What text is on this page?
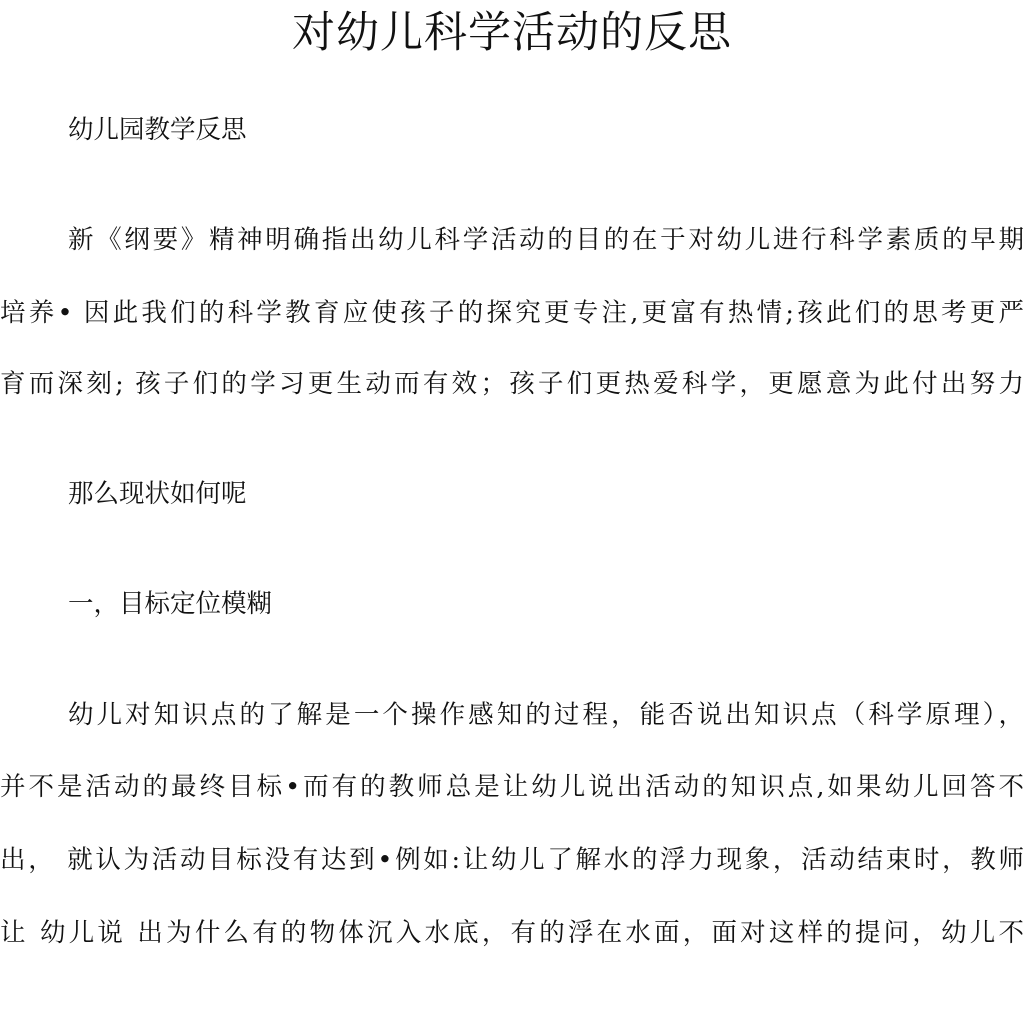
对幼儿科学活动的反思
幼儿园教学反思
新《纲要》精神明确指出幼儿科学活动的目的在于对幼儿进行科学素质的早期
培养• 因此我们的科学教育应使孩子的探究更专注,更富有热情;孩此们的思考更严
育而深刻; 孩子们的学习更生动而有效；孩子们更热爱科学，更愿意为此付出努力
那么现状如何呢
一，目标定位模糊
幼儿对知识点的了解是一个操作感知的过程，能否说出知识点（科学原理），
并不是活动的最终目标•而有的教师总是让幼儿说出活动的知识点,如果幼儿回答不
出， 就认为活动目标没有达到•例如:让幼儿了解水的浮力现象，活动结束时，教师
让 幼儿说 出为什么有的物体沉入水底，有的浮在水面，面对这样的提问，幼儿不
